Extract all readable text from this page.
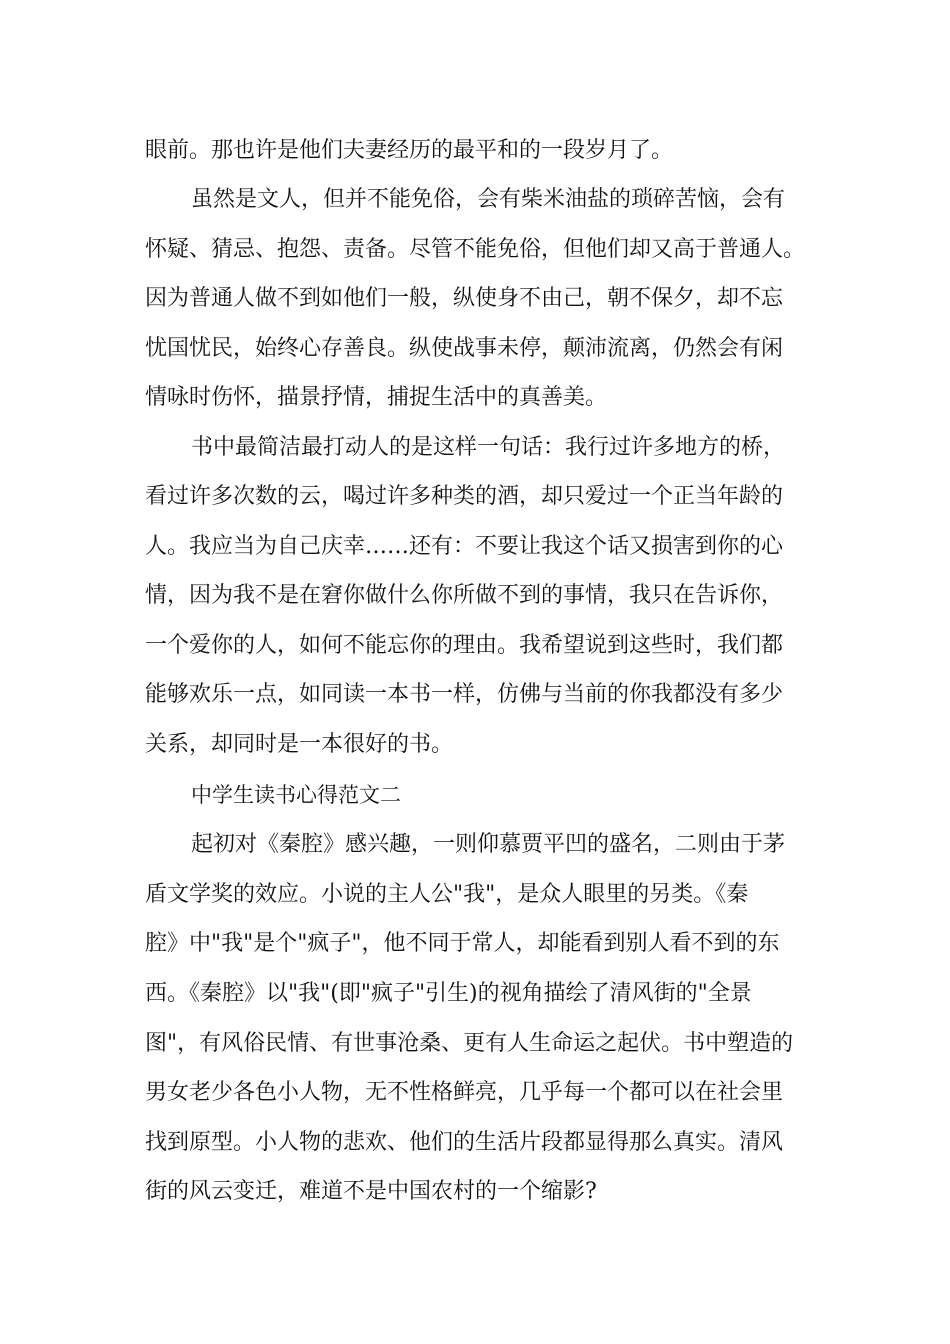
眼前。那也许是他们夫妻经历的最平和的一段岁月了。

虽然是文人，但并不能免俗，会有柴米油盐的琐碎苦恼，会有

怀疑、猜忌、抱怨、责备。尽管不能免俗，但他们却又高于普通人。

因为普通人做不到如他们一般，纵使身不由己，朝不保夕，却不忘

忧国忧民，始终心存善良。纵使战事未停，颠沛流离，仍然会有闲

情咏时伤怀，描景抒情，捕捉生活中的真善美。

书中最简洁最打动人的是这样一句话：我行过许多地方的桥，

看过许多次数的云，喝过许多种类的酒，却只爱过一个正当年龄的

人。我应当为自己庆幸……还有：不要让我这个话又损害到你的心

情，因为我不是在窘你做什么你所做不到的事情，我只在告诉你，

一个爱你的人，如何不能忘你的理由。我希望说到这些时，我们都

能够欢乐一点，如同读一本书一样，仿佛与当前的你我都没有多少

关系，却同时是一本很好的书。

中学生读书心得范文二

起初对《秦腔》感兴趣，一则仰慕贾平凹的盛名，二则由于茅

盾文学奖的效应。小说的主人公"我"，是众人眼里的另类。《秦

腔》中"我"是个"疯子"，他不同于常人，却能看到别人看不到的东

西。《秦腔》以"我"(即"疯子"引生)的视角描绘了清风街的"全景

图"，有风俗民情、有世事沧桑、更有人生命运之起伏。书中塑造的

男女老少各色小人物，无不性格鲜亮，几乎每一个都可以在社会里

找到原型。小人物的悲欢、他们的生活片段都显得那么真实。清风

街的风云变迁，难道不是中国农村的一个缩影?
